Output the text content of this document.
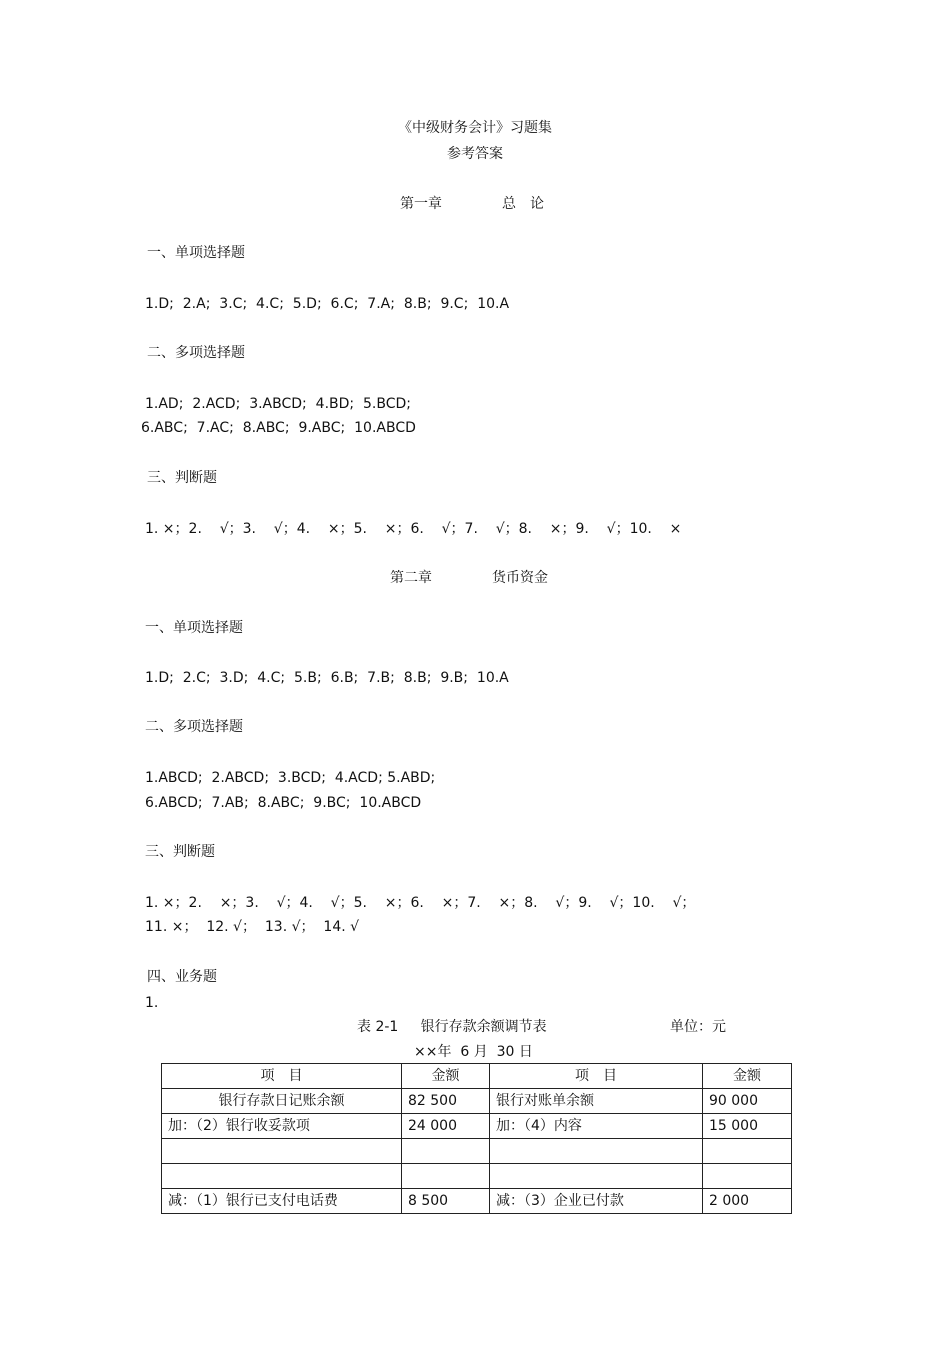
《中级财务会计》习题集
参考答案
第一章	总　论
一、单项选择题
1.D;  2.A;  3.C;  4.C;  5.D;  6.C;  7.A;  8.B;  9.C;  10.A
二、多项选择题
1.AD;  2.ACD;  3.ABCD;  4.BD;  5.BCD;
6.ABC;  7.AC;  8.ABC;  9.ABC;  10.ABCD
三、判断题
1. ×；2.    √；3.    √；4.    ×；5.    ×；6.    √；7.    √；8.    ×；9.    √；10.    ×
第二章	货币资金
一、单项选择题
1.D;  2.C;  3.D;  4.C;  5.B;  6.B;  7.B;  8.B;  9.B;  10.A
二、多项选择题
1.ABCD;  2.ABCD;  3.BCD;  4.ACD; 5.ABD;
6.ABCD;  7.AB;  8.ABC;  9.BC;  10.ABCD
三、判断题
1. ×；2.    ×；3.    √；4.    √；5.    ×；6.    ×；7.    ×；8.    √；9.    √；10.    √；
11. ×；  12. √；  13. √；  14. √
四、业务题
1.
表 2-1     银行存款余额调节表	单位：元
××年  6 月  30 日
项　目	金额	项　目	金额
银行存款日记账余额	82 500	银行对账单余额	90 000
加：（2）银行收妥款项	24 000	加：（4）内容	15 000

减：（1）银行已支付电话费	8 500	减：（3）企业已付款	2 000
